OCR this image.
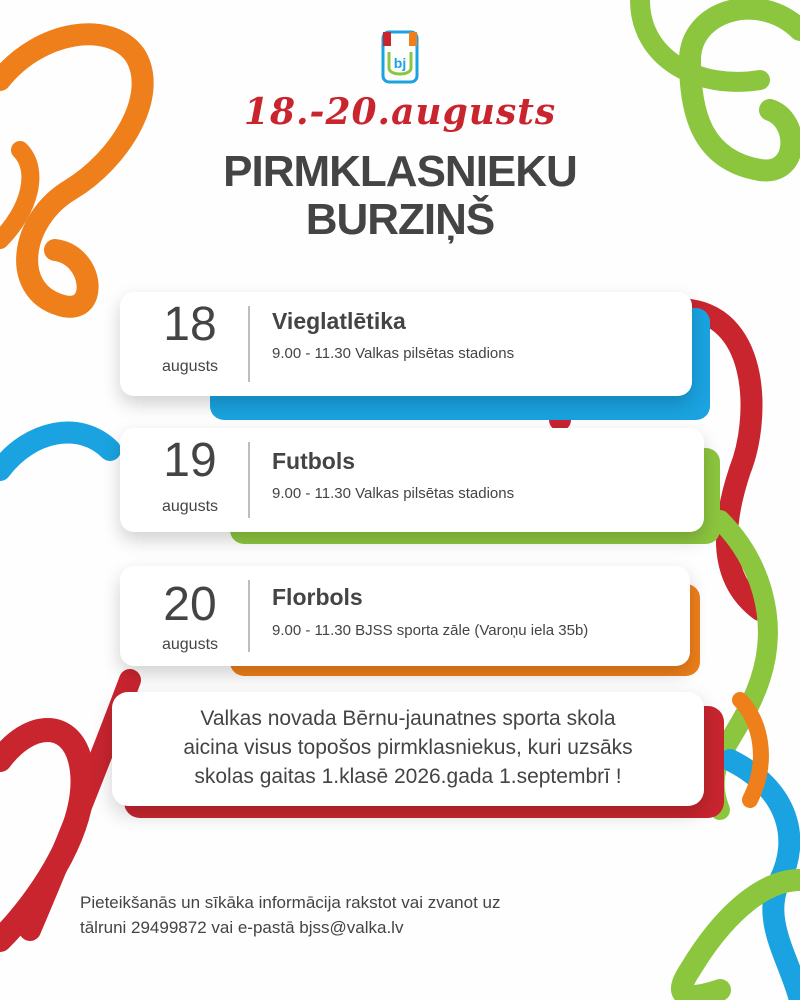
bj
18.-20.augusts
PIRMKLASNIEKU
BURZIŅŠ
18
augusts
Vieglatlētika
9.00 - 11.30 Valkas pilsētas stadions
19
augusts
Futbols
9.00 - 11.30 Valkas pilsētas stadions
20
augusts
Florbols
9.00 - 11.30 BJSS sporta zāle (Varoņu iela 35b)

Valkas novada Bērnu-jaunatnes sporta skola
aicina visus topošos pirmklasniekus, kuri uzsāks
skolas gaitas 1.klasē 2026.gada 1.septembrī !

Pieteikšanās un sīkāka informācija rakstot vai zvanot uz
tālruni 29499872 vai e-pastā bjss@valka.lv
